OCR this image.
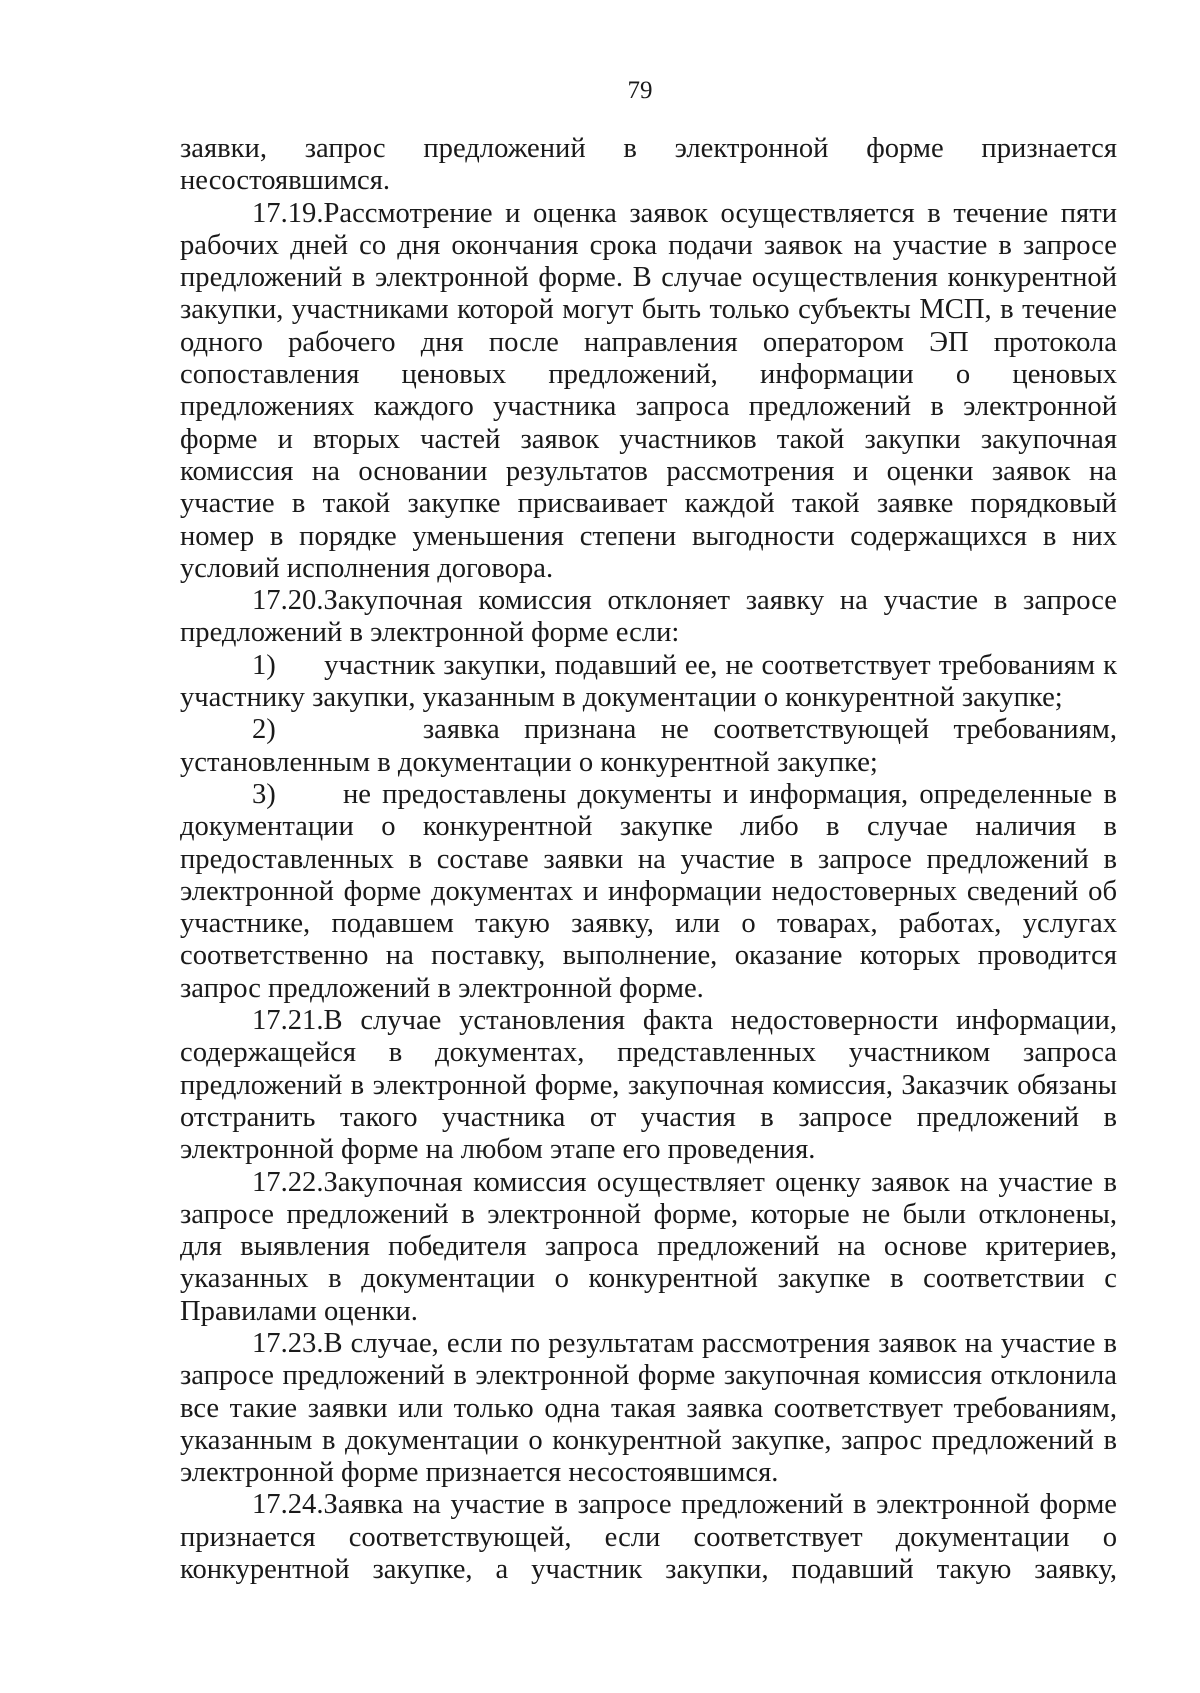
79

заявки, запрос предложений в электронной форме признается несостоявшимся.

17.19.Рассмотрение и оценка заявок осуществляется в течение пяти рабочих дней со дня окончания срока подачи заявок на участие в запросе предложений в электронной форме. В случае осуществления конкурентной закупки, участниками которой могут быть только субъекты МСП, в течение одного рабочего дня после направления оператором ЭП протокола сопоставления ценовых предложений, информации о ценовых предложениях каждого участника запроса предложений в электронной форме и вторых частей заявок участников такой закупки закупочная комиссия на основании результатов рассмотрения и оценки заявок на участие в такой закупке присваивает каждой такой заявке порядковый номер в порядке уменьшения степени выгодности содержащихся в них условий исполнения договора.

17.20.Закупочная комиссия отклоняет заявку на участие в запросе предложений в электронной форме если:

1)      участник закупки, подавший ее, не соответствует требованиям к участнику закупки, указанным в документации о конкурентной закупке;

2)      заявка признана не соответствующей требованиям, установленным в документации о конкурентной закупке;

3)      не предоставлены документы и информация, определенные в документации о конкурентной закупке либо в случае наличия в предоставленных в составе заявки на участие в запросе предложений в электронной форме документах и информации недостоверных сведений об участнике, подавшем такую заявку, или о товарах, работах, услугах соответственно на поставку, выполнение, оказание которых проводится запрос предложений в электронной форме.

17.21.В случае установления факта недостоверности информации, содержащейся в документах, представленных участником запроса предложений в электронной форме, закупочная комиссия, Заказчик обязаны отстранить такого участника от участия в запросе предложений в электронной форме на любом этапе его проведения.

17.22.Закупочная комиссия осуществляет оценку заявок на участие в запросе предложений в электронной форме, которые не были отклонены, для выявления победителя запроса предложений на основе критериев, указанных в документации о конкурентной закупке в соответствии с Правилами оценки.

17.23.В случае, если по результатам рассмотрения заявок на участие в запросе предложений в электронной форме закупочная комиссия отклонила все такие заявки или только одна такая заявка соответствует требованиям, указанным в документации о конкурентной закупке, запрос предложений в электронной форме признается несостоявшимся.

17.24.Заявка на участие в запросе предложений в электронной форме признается соответствующей, если соответствует документации о конкурентной закупке, а участник закупки, подавший такую заявку,
